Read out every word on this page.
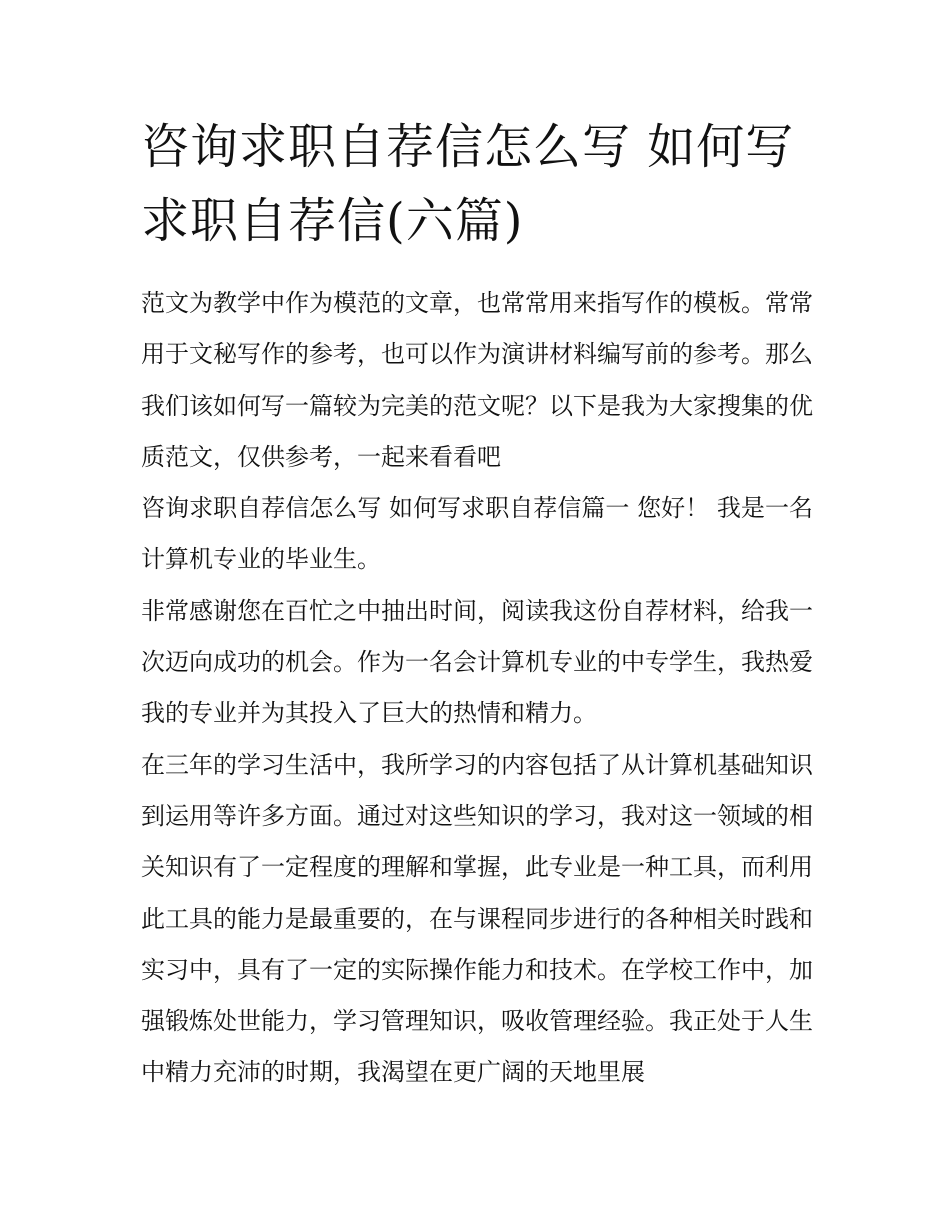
咨询求职自荐信怎么写 如何写求职自荐信(六篇)

范文为教学中作为模范的文章，也常常用来指写作的模板。常常用于文秘写作的参考，也可以作为演讲材料编写前的参考。那么我们该如何写一篇较为完美的范文呢？以下是我为大家搜集的优质范文，仅供参考，一起来看看吧

咨询求职自荐信怎么写 如何写求职自荐信篇一 您好！ 我是一名计算机专业的毕业生。

非常感谢您在百忙之中抽出时间，阅读我这份自荐材料，给我一次迈向成功的机会。作为一名会计算机专业的中专学生，我热爱我的专业并为其投入了巨大的热情和精力。

在三年的学习生活中，我所学习的内容包括了从计算机基础知识到运用等许多方面。通过对这些知识的学习，我对这一领域的相关知识有了一定程度的理解和掌握，此专业是一种工具，而利用此工具的能力是最重要的，在与课程同步进行的各种相关时践和实习中，具有了一定的实际操作能力和技术。在学校工作中，加强锻炼处世能力，学习管理知识，吸收管理经验。我正处于人生中精力充沛的时期，我渴望在更广阔的天地里展
